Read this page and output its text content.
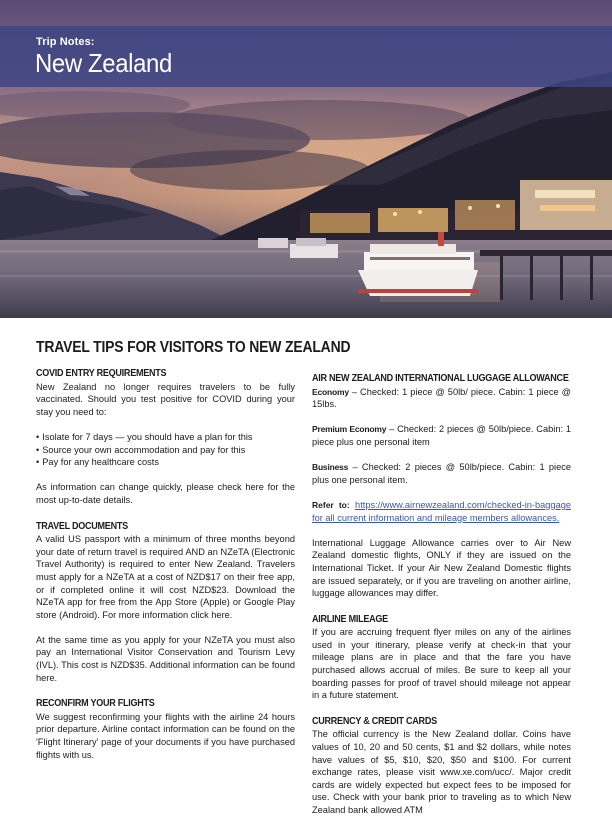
Trip Notes:
New Zealand
TRAVEL TIPS FOR VISITORS TO NEW ZEALAND
COVID ENTRY REQUIREMENTS

New Zealand no longer requires travelers to be fully vaccinated. Should you test positive for COVID during your stay you need to:

• Isolate for 7 days — you should have a plan for this
• Source your own accommodation and pay for this
• Pay for any healthcare costs

As information can change quickly, please check here for the most up-to-date details.

TRAVEL DOCUMENTS

A valid US passport with a minimum of three months beyond your date of return travel is required AND an NZeTA (Electronic Travel Authority) is required to enter New Zealand. Travelers must apply for a NZeTA at a cost of NZD$17 on their free app, or if completed online it will cost NZD$23. Download the NZeTA app for free from the App Store (Apple) or Google Play store (Android). For more information click here.

At the same time as you apply for your NZeTA you must also pay an International Visitor Conservation and Tourism Levy (IVL). This cost is NZD$35. Additional information can be found here.

RECONFIRM YOUR FLIGHTS

We suggest reconfirming your flights with the airline 24 hours prior departure. Airline contact information can be found on the 'Flight Itinerary' page of your documents if you have purchased flights with us.

AIR NEW ZEALAND INTERNATIONAL LUGGAGE ALLOWANCE

Economy – Checked: 1 piece @ 50lb/ piece. Cabin: 1 piece @ 15lbs.

Premium Economy – Checked: 2 pieces @ 50lb/piece. Cabin: 1 piece plus one personal item

Business – Checked: 2 pieces @ 50lb/piece. Cabin: 1 piece plus one personal item.

Refer to: https://www.airnewzealand.com/checked-in-baggage for all current information and mileage members allowances.

International Luggage Allowance carries over to Air New Zealand domestic flights, ONLY if they are issued on the International Ticket. If your Air New Zealand Domestic flights are issued separately, or if you are traveling on another airline, luggage allowances may differ.

AIRLINE MILEAGE

If you are accruing frequent flyer miles on any of the airlines used in your itinerary, please verify at check-in that your mileage plans are in place and that the fare you have purchased allows accrual of miles. Be sure to keep all your boarding passes for proof of travel should mileage not appear in a future statement.

CURRENCY & CREDIT CARDS

The official currency is the New Zealand dollar. Coins have values of 10, 20 and 50 cents, $1 and $2 dollars, while notes have values of $5, $10, $20, $50 and $100. For current exchange rates, please visit www.xe.com/ucc/. Major credit cards are widely expected but expect fees to be imposed for use. Check with your bank prior to traveling as to which New Zealand bank allowed ATM
